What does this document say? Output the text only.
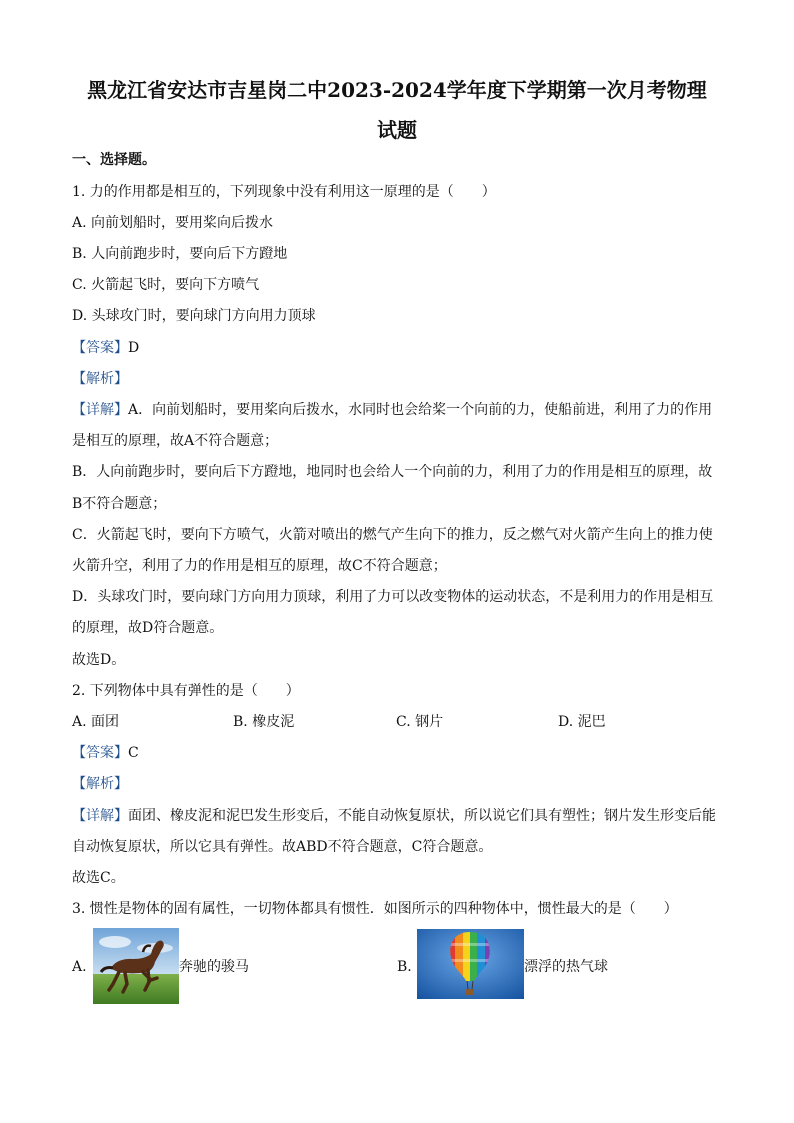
黑龙江省安达市吉星岗二中2023-2024学年度下学期第一次月考物理
试题
一、选择题。
1. 力的作用都是相互的，下列现象中没有利用这一原理的是（　　）
A. 向前划船时，要用桨向后拨水
B. 人向前跑步时，要向后下方蹬地
C. 火箭起飞时，要向下方喷气
D. 头球攻门时，要向球门方向用力顶球
【答案】D
【解析】
【详解】A．向前划船时，要用桨向后拨水，水同时也会给桨一个向前的力，使船前进，利用了力的作用
是相互的原理，故A不符合题意；
B．人向前跑步时，要向后下方蹬地，地同时也会给人一个向前的力，利用了力的作用是相互的原理，故
B不符合题意；
C．火箭起飞时，要向下方喷气，火箭对喷出的燃气产生向下的推力，反之燃气对火箭产生向上的推力使
火箭升空，利用了力的作用是相互的原理，故C不符合题意；
D．头球攻门时，要向球门方向用力顶球，利用了力可以改变物体的运动状态，不是利用力的作用是相互
的原理，故D符合题意。
故选D。
2. 下列物体中具有弹性的是（　　）
A. 面团	B. 橡皮泥	C. 钢片	D. 泥巴
【答案】C
【解析】
【详解】面团、橡皮泥和泥巴发生形变后，不能自动恢复原状，所以说它们具有塑性；钢片发生形变后能
自动恢复原状，所以它具有弹性。故ABD不符合题意，C符合题意。
故选C。
3. 惯性是物体的固有属性，一切物体都具有惯性．如图所示的四种物体中，惯性最大的是（　　）
A.	奔驰的骏马	B.	漂浮的热气球
